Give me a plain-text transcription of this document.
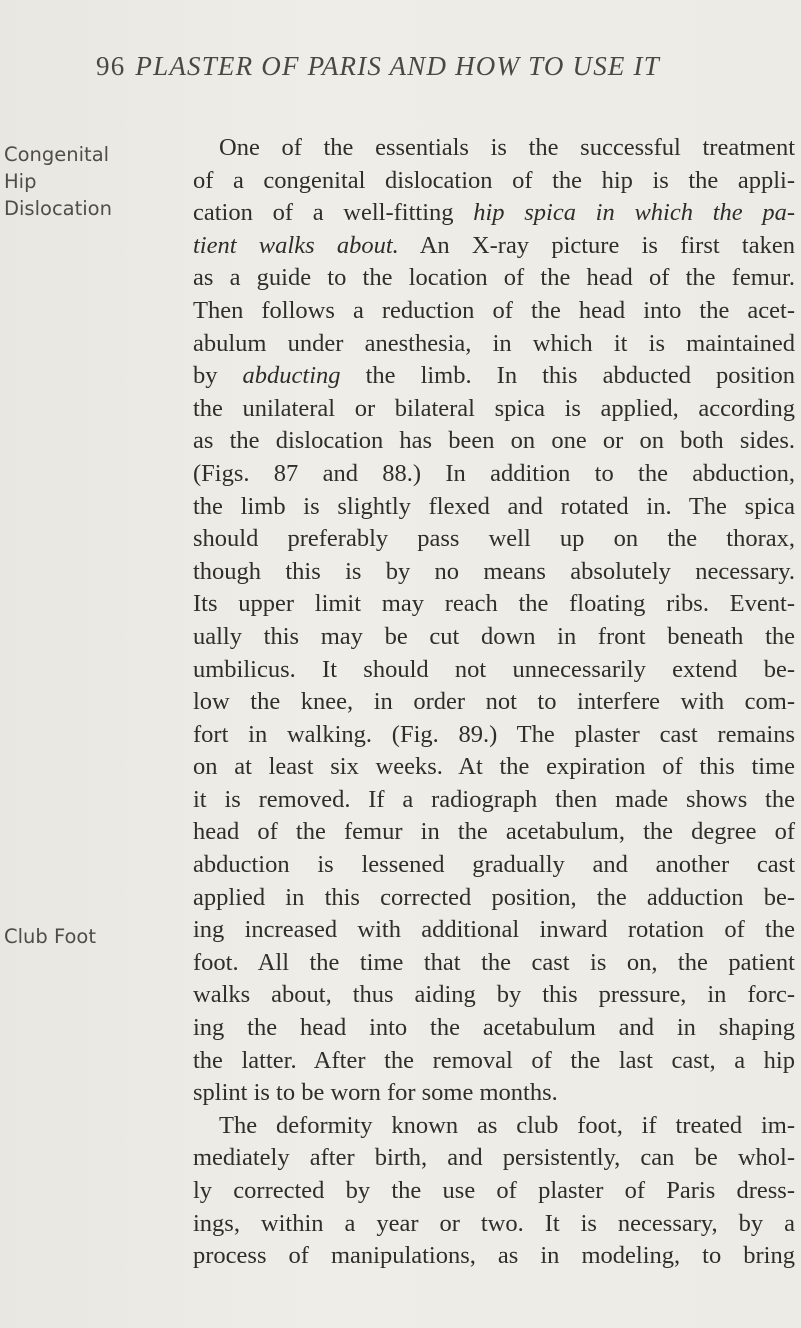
96 PLASTER OF PARIS AND HOW TO USE IT
Congenital
Hip
Dislocation
Club Foot
One of the essentials is the successful treatment
of a congenital dislocation of the hip is the appli-
cation of a well-fitting hip spica in which the pa-
tient walks about. An X-ray picture is first taken
as a guide to the location of the head of the femur.
Then follows a reduction of the head into the acet-
abulum under anesthesia, in which it is maintained
by abducting the limb. In this abducted position
the unilateral or bilateral spica is applied, according
as the dislocation has been on one or on both sides.
(Figs. 87 and 88.) In addition to the abduction,
the limb is slightly flexed and rotated in. The spica
should preferably pass well up on the thorax,
though this is by no means absolutely necessary.
Its upper limit may reach the floating ribs. Event-
ually this may be cut down in front beneath the
umbilicus. It should not unnecessarily extend be-
low the knee, in order not to interfere with com-
fort in walking. (Fig. 89.) The plaster cast remains
on at least six weeks. At the expiration of this time
it is removed. If a radiograph then made shows the
head of the femur in the acetabulum, the degree of
abduction is lessened gradually and another cast
applied in this corrected position, the adduction be-
ing increased with additional inward rotation of the
foot. All the time that the cast is on, the patient
walks about, thus aiding by this pressure, in forc-
ing the head into the acetabulum and in shaping
the latter. After the removal of the last cast, a hip
splint is to be worn for some months.
The deformity known as club foot, if treated im-
mediately after birth, and persistently, can be whol-
ly corrected by the use of plaster of Paris dress-
ings, within a year or two. It is necessary, by a
process of manipulations, as in modeling, to bring
